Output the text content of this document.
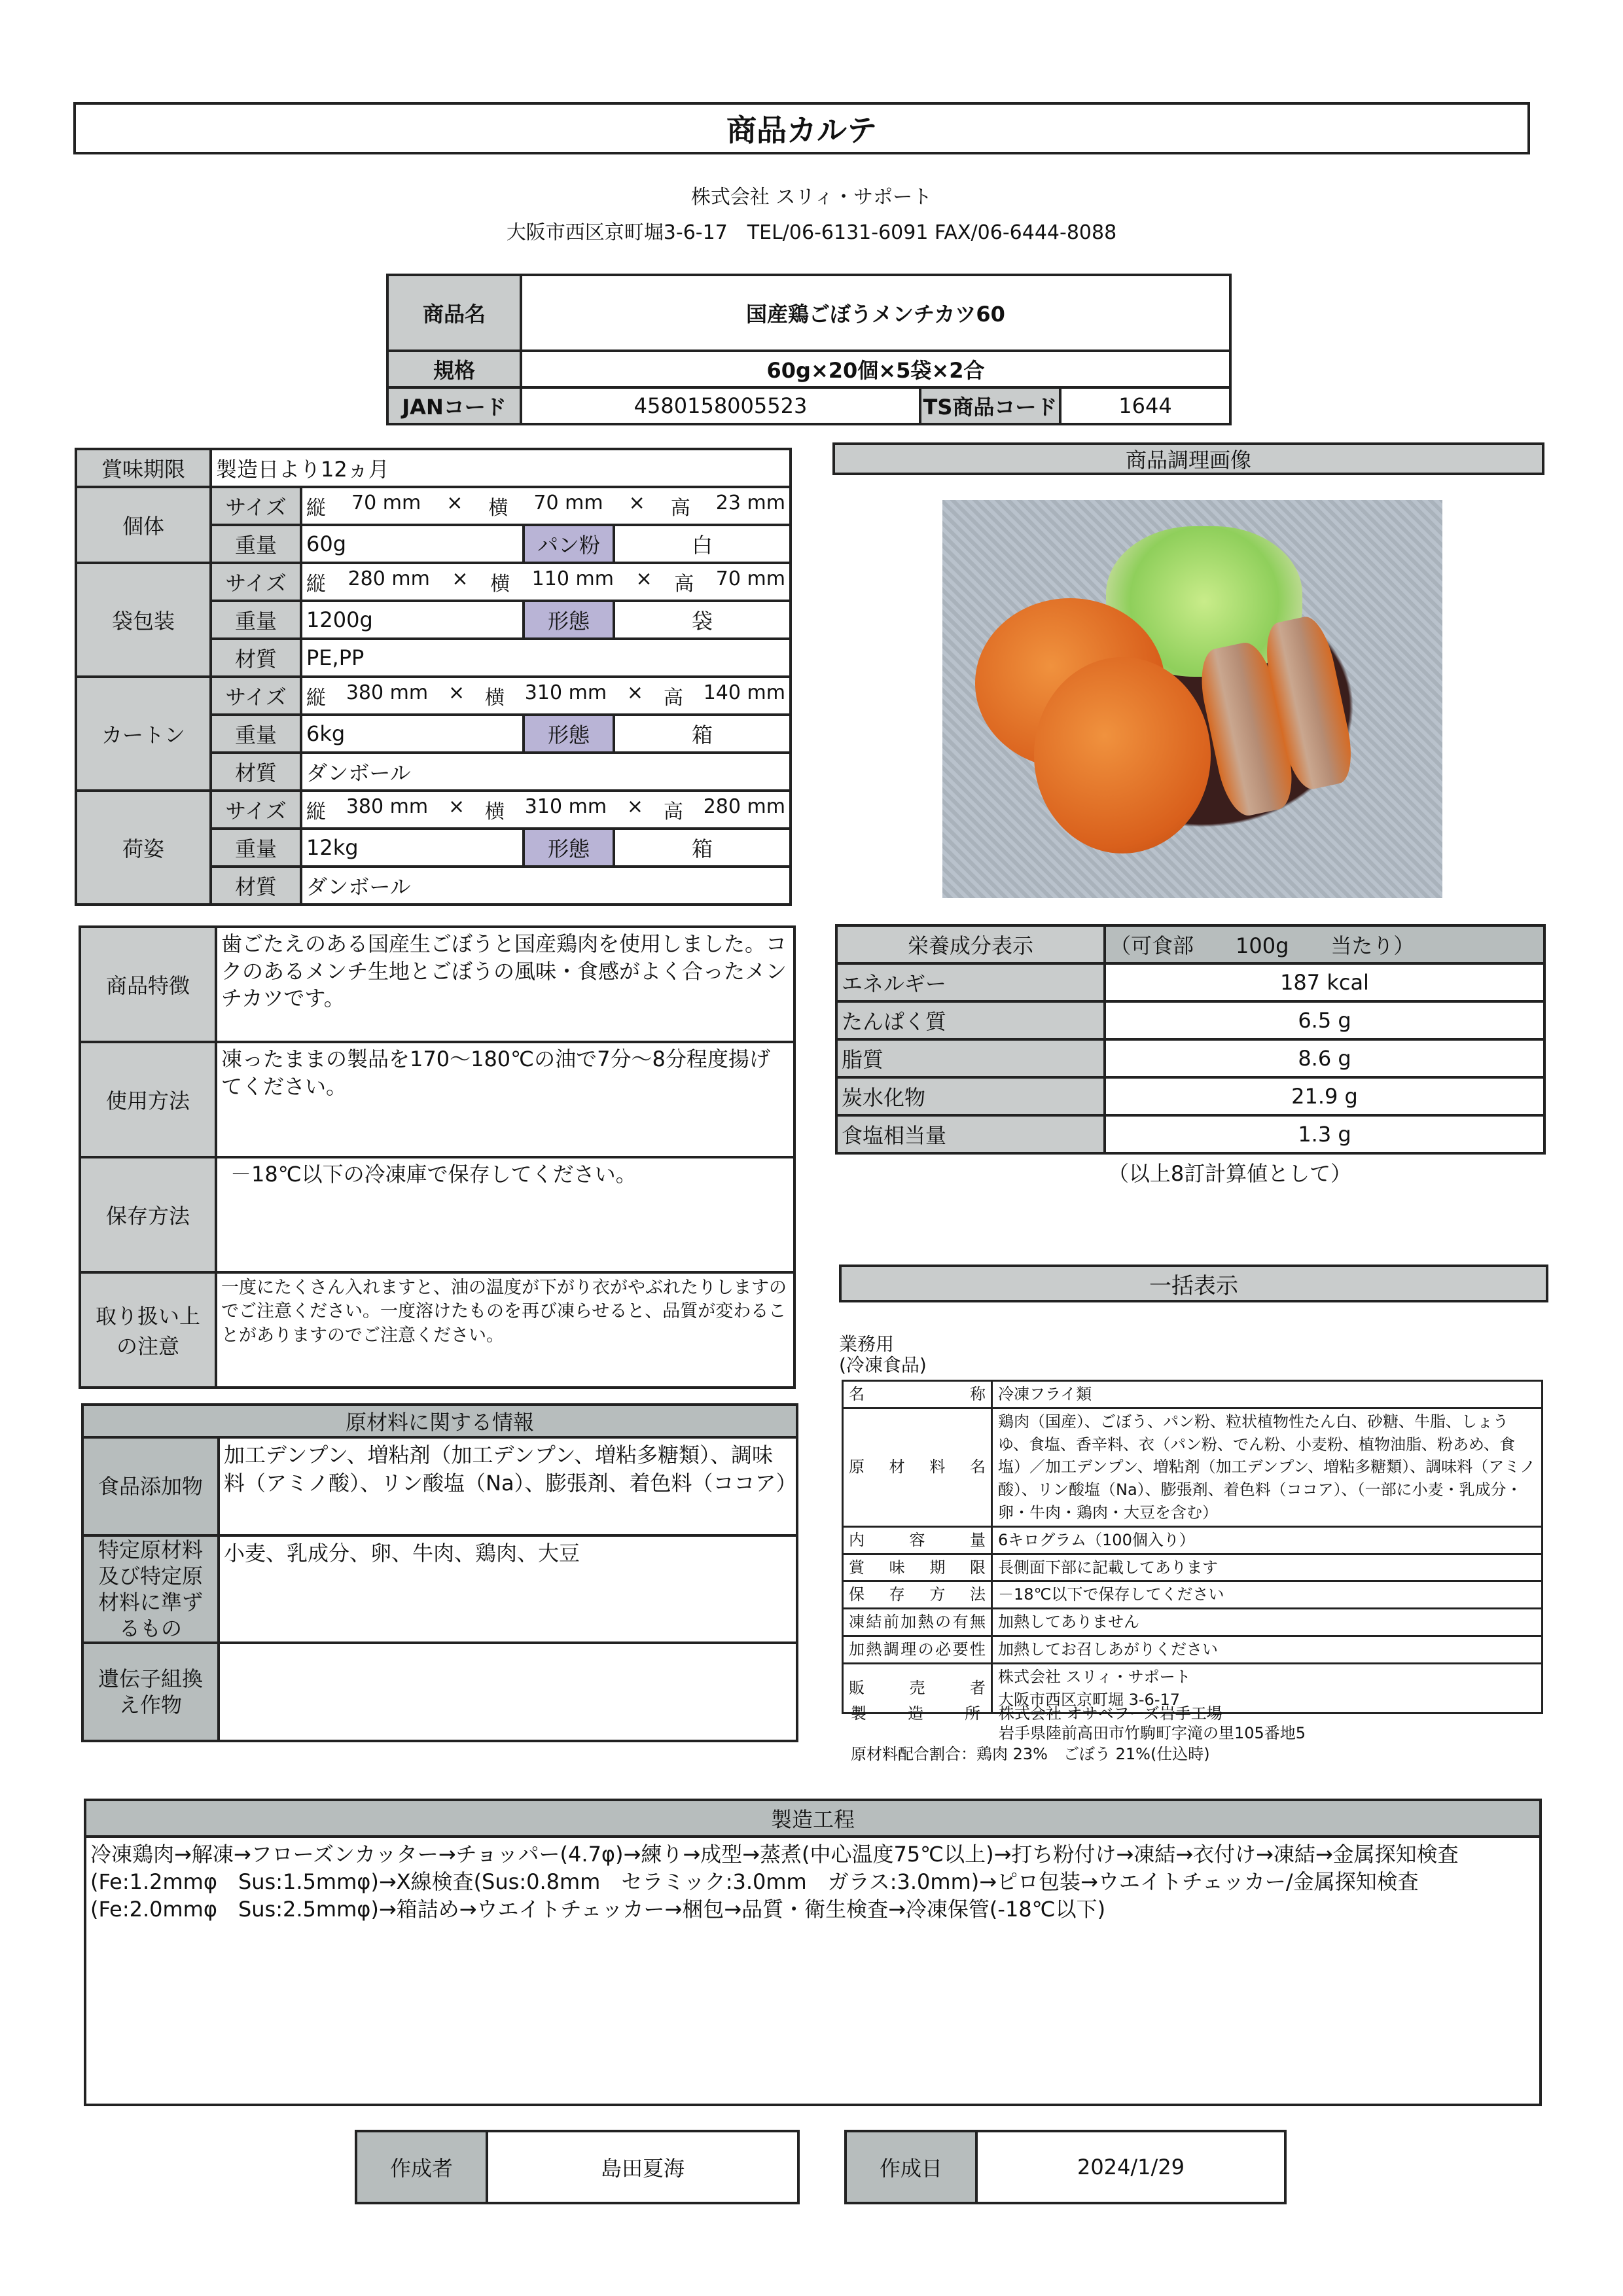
商品カルテ
株式会社 スリィ・サポート
大阪市西区京町堀3-6-17　TEL/06-6131-6091 FAX/06-6444-8088
商品名	国産鶏ごぼうメンチカツ60		
規格	60g×20個×5袋×2合		
JANコード	4580158005523	TS商品コード	1644
賞味期限	製造日より12ヵ月			
個体	サイズ	縦 70 mm × 横 70 mm × 高 23 mm

	重量	60g	パン粉	白
袋包装	サイズ	縦 280 mm × 横 110 mm × 高 70 mm

	重量	1200g	形態	袋
	材質	PE,PP		
カートン	サイズ	縦 380 mm × 横 310 mm × 高 140 mm

	重量	6kg	形態	箱
	材質	ダンボール		
荷姿	サイズ	縦 380 mm × 横 310 mm × 高 280 mm

	重量	12kg	形態	箱
	材質	ダンボール		
商品調理画像
商品特徴	歯ごたえのある国産生ごぼうと国産鶏肉を使用しました。コクのあるメンチ生地とごぼうの風味・食感がよく合ったメンチカツです。
使用方法	凍ったままの製品を170～180℃の油で7分～8分程度揚げてください。
保存方法	－18℃以下の冷凍庫で保存してください。
取り扱い上の注意	一度にたくさん入れますと、油の温度が下がり衣がやぶれたりしますのでご注意ください。一度溶けたものを再び凍らせると、品質が変わることがありますのでご注意ください。
栄養成分表示	（可食部　　100g　　当たり）
エネルギー	187 kcal
たんぱく質	6.5 g
脂質	8.6 g
炭水化物	21.9 g
食塩相当量	1.3 g
（以上8訂計算値として）
一括表示
業務用
(冷凍食品)
名称	冷凍フライ類
原材料名	鶏肉（国産）、ごぼう、パン粉、粒状植物性たん白、砂糖、牛脂、しょうゆ、食塩、香辛料、衣（パン粉、でん粉、小麦粉、植物油脂、粉あめ、食塩）／加工デンプン、増粘剤（加工デンプン、増粘多糖類）、調味料（アミノ酸）、リン酸塩（Na）、膨張剤、着色料（ココア）、（一部に小麦・乳成分・卵・牛肉・鶏肉・大豆を含む）
内容量	6キログラム（100個入り）
賞味期限	長側面下部に記載してあります
保存方法	－18℃以下で保存してください
凍結前加熱の有無	加熱してありません
加熱調理の必要性	加熱してお召しあがりください
販売者	株式会社 スリィ・サポート
大阪市西区京町堀 3-6-17
製造所 株式会社 オサベフーズ岩手工場
岩手県陸前高田市竹駒町字滝の里105番地5
原材料配合割合：鶏肉 23%　ごぼう 21%(仕込時)
原材料に関する情報	
食品添加物	加工デンプン、増粘剤（加工デンプン、増粘多糖類）、調味料（アミノ酸）、リン酸塩（Na）、膨張剤、着色料（ココア）
特定原材料及び特定原材料に準ずるもの	小麦、乳成分、卵、牛肉、鶏肉、大豆
遺伝子組換え作物	
製造工程
冷凍鶏肉→解凍→フローズンカッター→チョッパー(4.7φ)→練り→成型→蒸煮(中心温度75℃以上)→打ち粉付け→凍結→衣付け→凍結→金属探知検査(Fe:1.2mmφ　Sus:1.5mmφ)→X線検査(Sus:0.8mm　セラミック:3.0mm　ガラス:3.0mm)→ピロ包装→ウエイトチェッカー/金属探知検査(Fe:2.0mmφ　Sus:2.5mmφ)→箱詰め→ウエイトチェッカー→梱包→品質・衛生検査→冷凍保管(-18℃以下)
作成者	島田夏海	作成日	2024/1/29
